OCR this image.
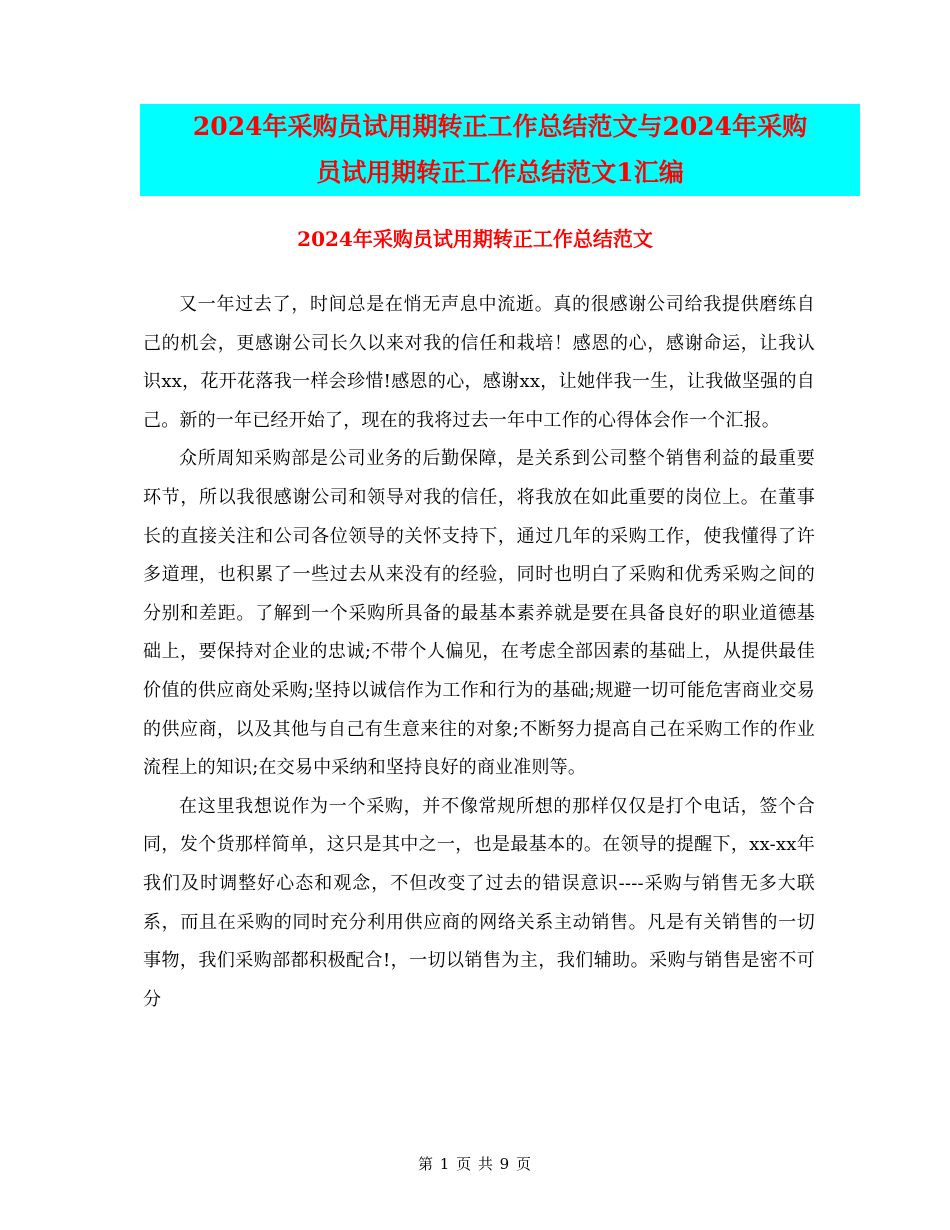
2024年采购员试用期转正工作总结范文与2024年采购
员试用期转正工作总结范文1汇编
2024年采购员试用期转正工作总结范文

又一年过去了，时间总是在悄无声息中流逝。真的很感谢公司给我提供磨练自己的机会，更感谢公司长久以来对我的信任和栽培！感恩的心，感谢命运，让我认识xx，花开花落我一样会珍惜!感恩的心，感谢xx，让她伴我一生，让我做坚强的自己。新的一年已经开始了，现在的我将过去一年中工作的心得体会作一个汇报。

众所周知采购部是公司业务的后勤保障，是关系到公司整个销售利益的最重要环节，所以我很感谢公司和领导对我的信任，将我放在如此重要的岗位上。在董事长的直接关注和公司各位领导的关怀支持下，通过几年的采购工作，使我懂得了许多道理，也积累了一些过去从来没有的经验，同时也明白了采购和优秀采购之间的分别和差距。了解到一个采购所具备的最基本素养就是要在具备良好的职业道德基础上，要保持对企业的忠诚;不带个人偏见，在考虑全部因素的基础上，从提供最佳价值的供应商处采购;坚持以诚信作为工作和行为的基础;规避一切可能危害商业交易的供应商，以及其他与自己有生意来往的对象;不断努力提高自己在采购工作的作业流程上的知识;在交易中采纳和坚持良好的商业准则等。

在这里我想说作为一个采购，并不像常规所想的那样仅仅是打个电话，签个合同，发个货那样简单，这只是其中之一，也是最基本的。在领导的提醒下，xx-xx年我们及时调整好心态和观念，不但改变了过去的错误意识----采购与销售无多大联系，而且在采购的同时充分利用供应商的网络关系主动销售。凡是有关销售的一切事物，我们采购部都积极配合!，一切以销售为主，我们辅助。采购与销售是密不可分

第 1 页 共 9 页
